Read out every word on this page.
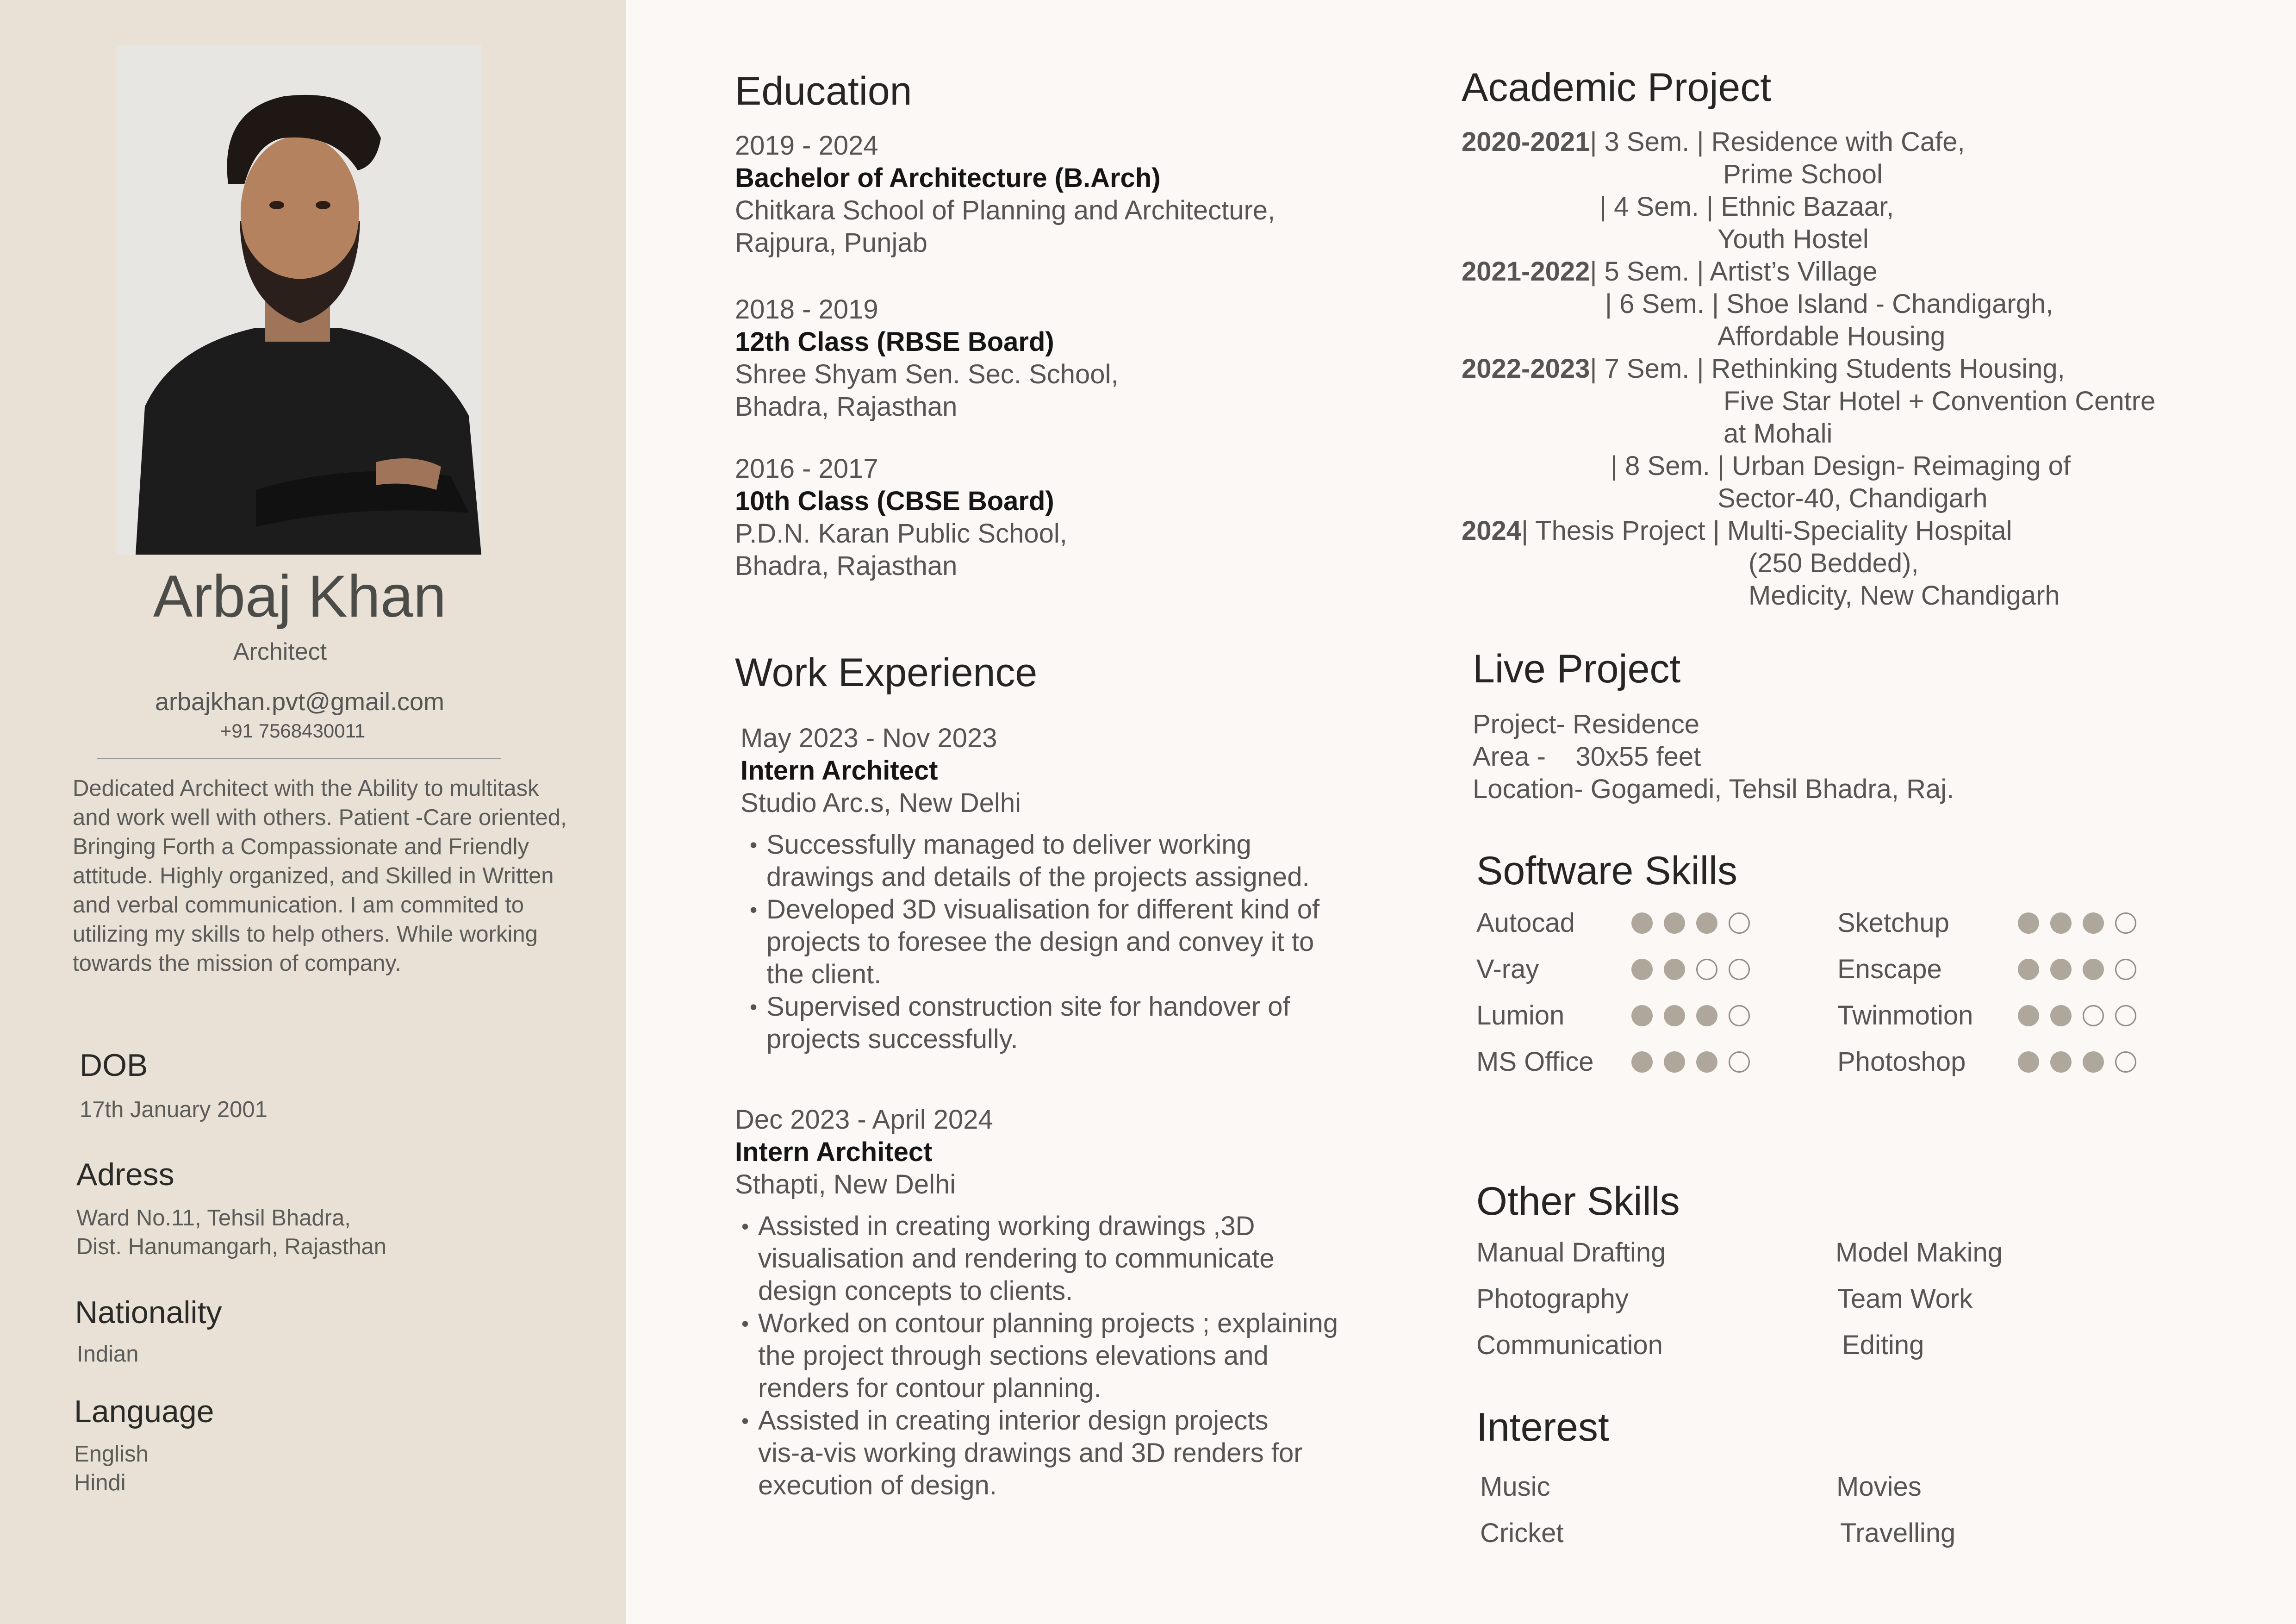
Arbaj Khan
Architect
arbajkhan.pvt@gmail.com
+91 7568430011
Dedicated Architect with the Ability to multitask and work well with others. Patient -Care oriented, Bringing Forth a Compassionate and Friendly attitude. Highly organized, and Skilled in Written and verbal communication. I am commited to utilizing my skills to help others. While working towards the mission of company.
DOB
17th January 2001
Adress
Ward No.11, Tehsil Bhadra,
Dist. Hanumangarh, Rajasthan
Nationality
Indian
Language
English
Hindi
Education
2019 - 2024
Bachelor of Architecture (B.Arch)
Chitkara School of Planning and Architecture,
Rajpura, Punjab
2018 - 2019
12th Class (RBSE Board)
Shree Shyam Sen. Sec. School,
Bhadra, Rajasthan
2016 - 2017
10th Class (CBSE Board)
P.D.N. Karan Public School,
Bhadra, Rajasthan
Work Experience
May 2023 - Nov 2023
Intern Architect
Studio Arc.s, New Delhi
• Successfully managed to deliver working
drawings and details of the projects assigned.
• Developed 3D visualisation for different kind of
projects to foresee the design and convey it to
the client.
• Supervised construction site for handover of
projects successfully.
Dec 2023 - April 2024
Intern Architect
Sthapti, New Delhi
• Assisted in creating working drawings ,3D
visualisation and rendering to communicate
design concepts to clients.
• Worked on contour planning projects ; explaining
the project through sections elevations and
renders for contour planning.
• Assisted in creating interior design projects
vis-a-vis working drawings and 3D renders for
execution of design.
Academic Project
2020-2021 | 3 Sem. | Residence with Cafe,
Prime School
| 4 Sem. | Ethnic Bazaar,
Youth Hostel
2021-2022 | 5 Sem. | Artist’s Village
| 6 Sem. | Shoe Island - Chandigargh,
Affordable Housing
2022-2023 | 7 Sem. | Rethinking Students Housing,
Five Star Hotel + Convention Centre
at Mohali
| 8 Sem. | Urban Design- Reimaging of
Sector-40, Chandigarh
2024 | Thesis Project | Multi-Speciality Hospital
(250 Bedded),
Medicity, New Chandigarh
Live Project
Project- Residence
Area -    30x55 feet
Location- Gogamedi, Tehsil Bhadra, Raj.
Software Skills
Autocad
V-ray
Lumion
MS Office
Sketchup
Enscape
Twinmotion
Photoshop
Other Skills
Manual Drafting
Photography
Communication
Model Making
Team Work
Editing
Interest
Music
Cricket
Movies
Travelling
